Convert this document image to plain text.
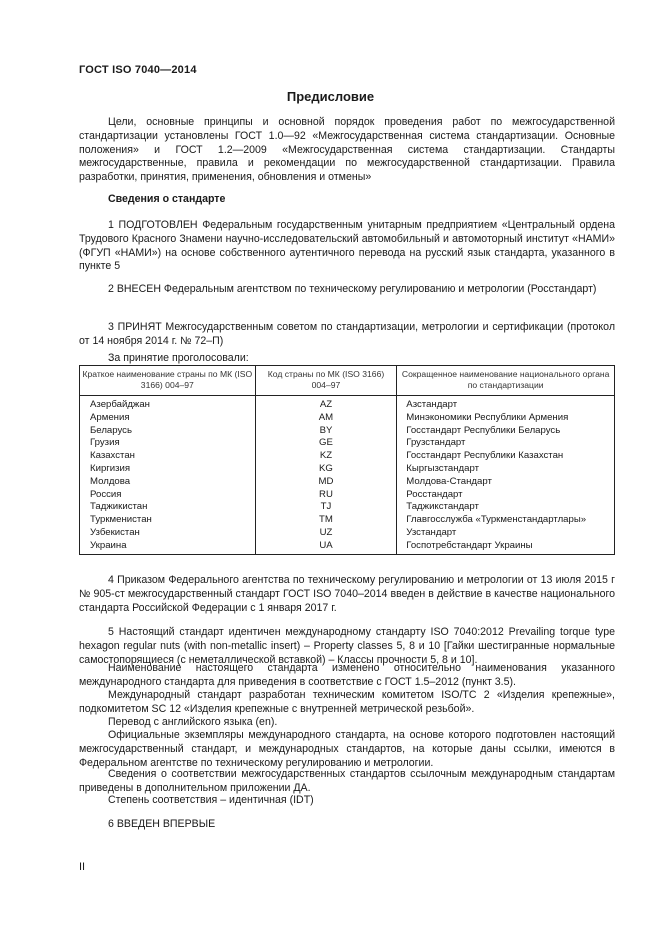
ГОСТ ISO 7040—2014
Предисловие
Цели, основные принципы и основной порядок проведения работ по межгосударственной стандартизации установлены ГОСТ 1.0—92 «Межгосударственная система стандартизации. Основные положения» и ГОСТ 1.2—2009 «Межгосударственная система стандартизации. Стандарты межгосударственные, правила и рекомендации по межгосударственной стандартизации. Правила разработки, принятия, применения, обновления и отмены»
Сведения о стандарте
1 ПОДГОТОВЛЕН Федеральным государственным унитарным предприятием «Центральный ордена Трудового Красного Знамени научно-исследовательский автомобильный и автомоторный институт «НАМИ» (ФГУП «НАМИ») на основе собственного аутентичного перевода на русский язык стандарта, указанного в пункте 5
2 ВНЕСЕН Федеральным агентством по техническому регулированию и метрологии (Росстандарт)
3 ПРИНЯТ Межгосударственным советом по стандартизации, метрологии и сертификации (протокол от 14 ноября 2014 г. № 72–П)
За принятие проголосовали:
Краткое наименование страны по МК (ISO 3166) 004–97	Код страны по МК (ISO 3166) 004–97	Сокращенное наименование национального органа по стандартизации
Азербайджан	AZ	Азстандарт
Армения	AM	Минэкономики Республики Армения
Беларусь	BY	Госстандарт Республики Беларусь
Грузия	GE	Грузстандарт
Казахстан	KZ	Госстандарт Республики Казахстан
Киргизия	KG	Кыргызстандарт
Молдова	MD	Молдова-Стандарт
Россия	RU	Росстандарт
Таджикистан	TJ	Таджикстандарт
Туркменистан	TM	Главгосслужба «Туркменстандартлары»
Узбекистан	UZ	Узстандарт
Украина	UA	Госпотребстандарт Украины
4 Приказом Федерального агентства по техническому регулированию и метрологии от 13 июля 2015 г № 905-ст межгосударственный стандарт ГОСТ ISO 7040–2014 введен в действие в качестве национального стандарта Российской Федерации с 1 января 2017 г.
5 Настоящий стандарт идентичен международному стандарту ISO 7040:2012 Prevailing torque type hexagon regular nuts (with non-metallic insert) – Property classes 5, 8 и 10 [Гайки шестигранные нормальные самостопорящиеся (с неметаллической вставкой) – Классы прочности 5, 8 и 10].
Наименование настоящего стандарта изменено относительно наименования указанного международного стандарта для приведения в соответствие с ГОСТ 1.5–2012 (пункт 3.5).
Международный стандарт разработан техническим комитетом ISO/TC 2 «Изделия крепежные», подкомитетом SC 12 «Изделия крепежные с внутренней метрической резьбой».
Перевод с английского языка (en).
Официальные экземпляры международного стандарта, на основе которого подготовлен настоящий межгосударственный стандарт, и международных стандартов, на которые даны ссылки, имеются в Федеральном агентстве по техническому регулированию и метрологии.
Сведения о соответствии межгосударственных стандартов ссылочным международным стандартам приведены в дополнительном приложении ДА.
Степень соответствия – идентичная (IDT)
6 ВВЕДЕН ВПЕРВЫЕ
II
